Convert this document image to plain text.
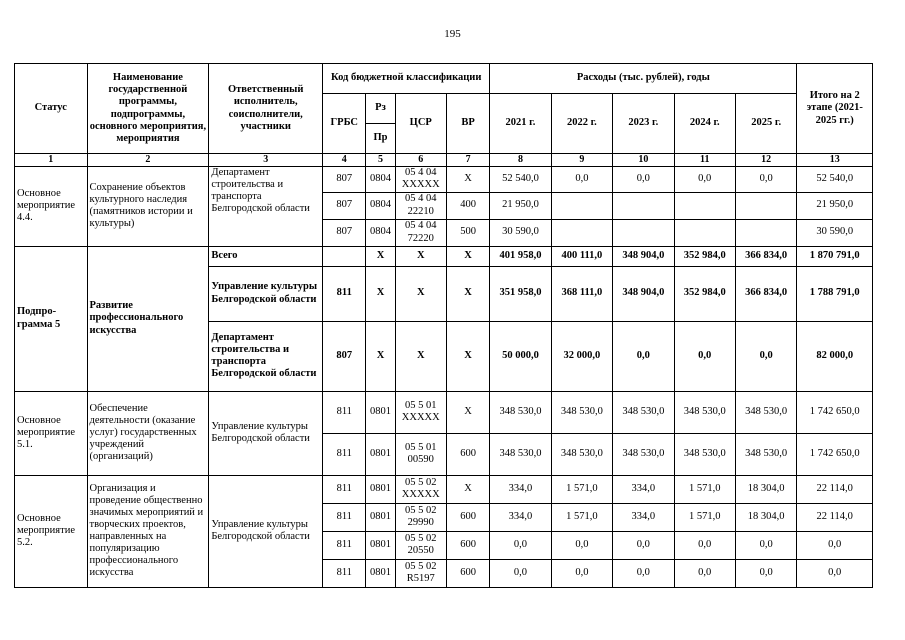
195
Статус	Наименование государственной программы, подпрограммы, основного мероприятия, мероприятия	Ответственный исполнитель, соисполнители, участники	Код бюджетной классификации				Расходы (тыс. рублей), годы					Итого на 2 этапе (2021-2025 гг.)
			ГРБС	Рз	ЦСР	ВР	2021 г.	2022 г.	2023 г.	2024 г.	2025 г.	
				Пр								
1	2	3	4	5	6	7	8	9	10	11	12	13
Основное мероприятие 4.4.	Сохранение объектов культурного наследия (памятников истории и культуры)	Департамент строительства и транспорта Белгородской области	807	0804	05 4 04 XXXXX	X	52 540,0	0,0	0,0	0,0	0,0	52 540,0
			807	0804	05 4 04 22210	400	21 950,0					21 950,0
			807	0804	05 4 04 72220	500	30 590,0					30 590,0
Подпро- грамма 5	Развитие профессионального искусства	Всего		X	X	X	401 958,0	400 111,0	348 904,0	352 984,0	366 834,0	1 870 791,0
		Управление культуры Белгородской области	811	X	X	X	351 958,0	368 111,0	348 904,0	352 984,0	366 834,0	1 788 791,0
		Департамент строительства и транспорта Белгородской области	807	X	X	X	50 000,0	32 000,0	0,0	0,0	0,0	82 000,0
Основное мероприятие 5.1.	Обеспечение деятельности (оказание услуг) государственных учреждений (организаций)	Управление культуры Белгородской области	811	0801	05 5 01 XXXXX	X	348 530,0	348 530,0	348 530,0	348 530,0	348 530,0	1 742 650,0
			811	0801	05 5 01 00590	600	348 530,0	348 530,0	348 530,0	348 530,0	348 530,0	1 742 650,0
Основное мероприятие 5.2.	Организация и проведение общественно значимых мероприятий и творческих проектов, направленных на популяризацию профессионального искусства	Управление культуры Белгородской области	811	0801	05 5 02 XXXXX	X	334,0	1 571,0	334,0	1 571,0	18 304,0	22 114,0
			811	0801	05 5 02 29990	600	334,0	1 571,0	334,0	1 571,0	18 304,0	22 114,0
			811	0801	05 5 02 20550	600	0,0	0,0	0,0	0,0	0,0	0,0
			811	0801	05 5 02 R5197	600	0,0	0,0	0,0	0,0	0,0	0,0
